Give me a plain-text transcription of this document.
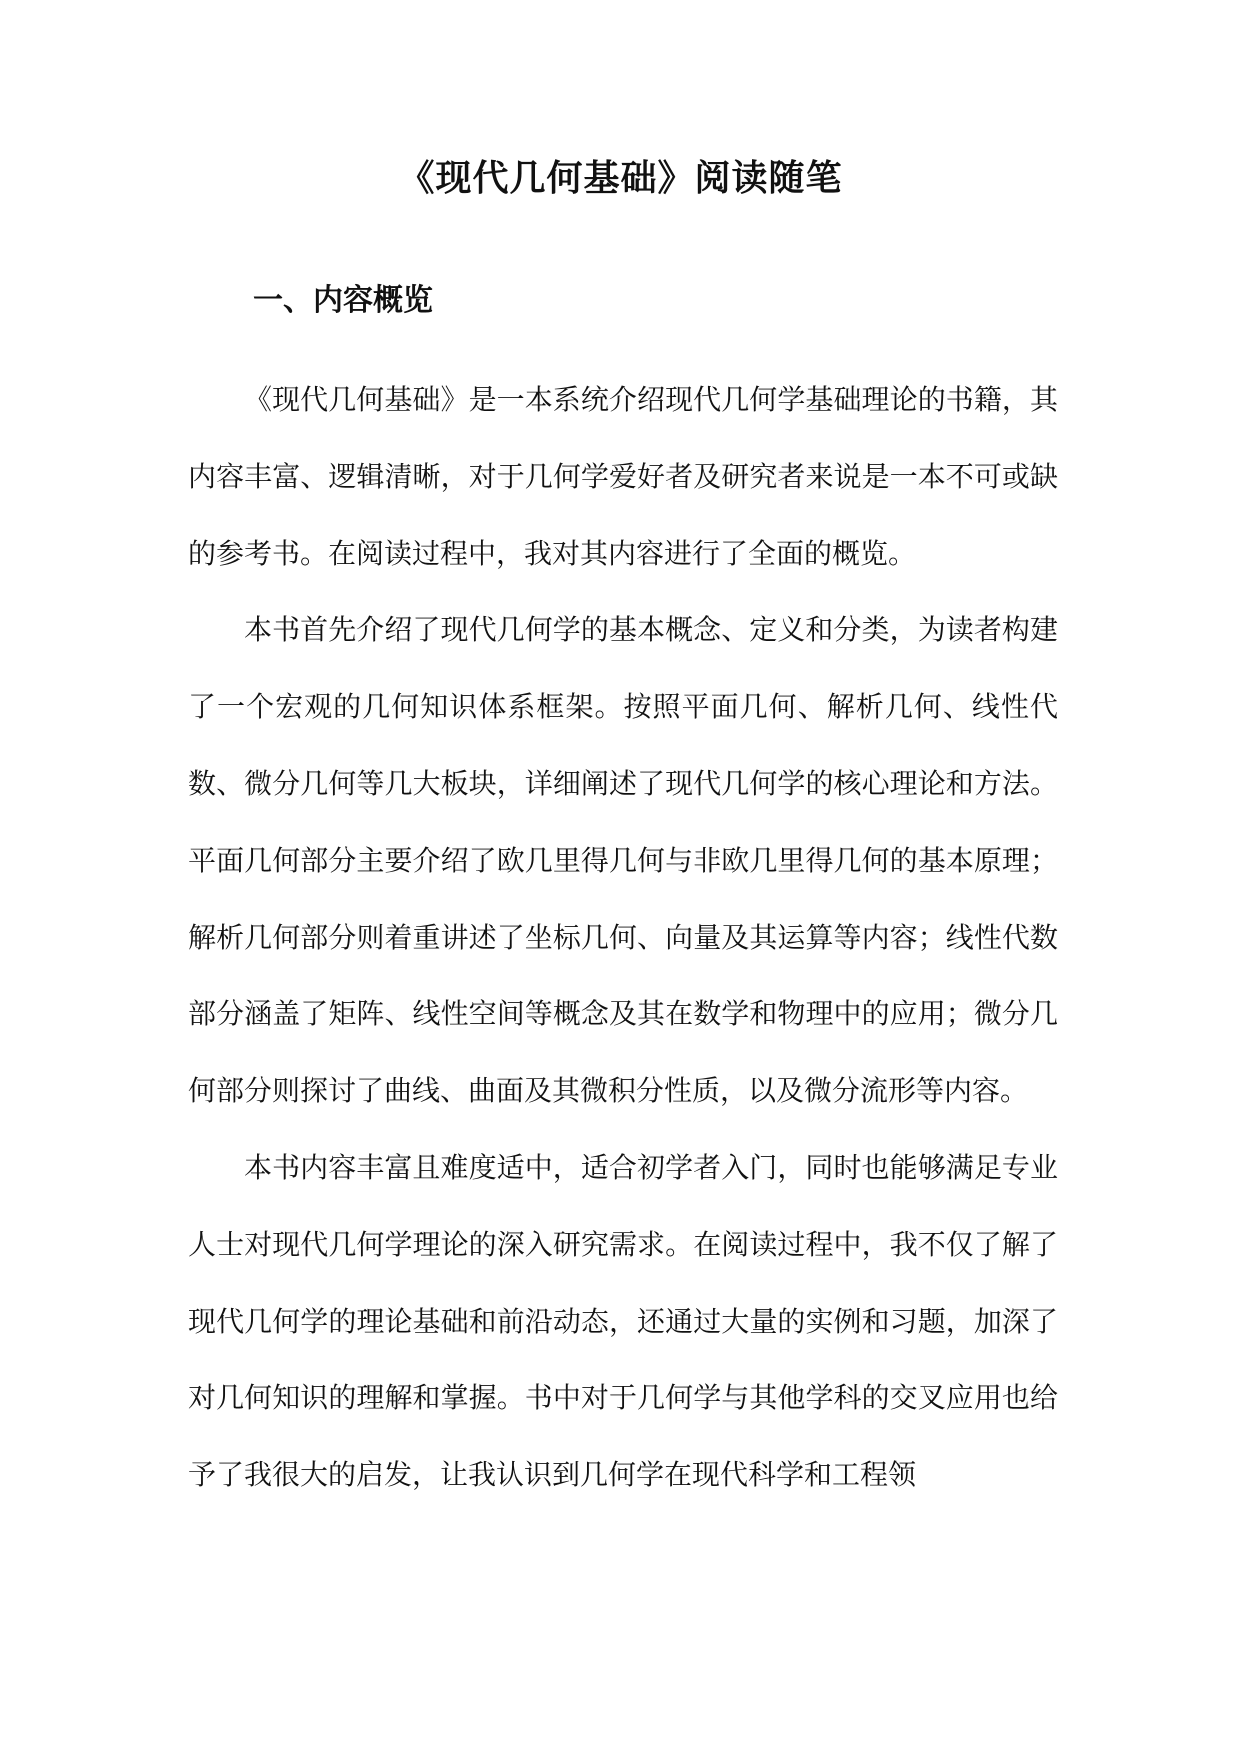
《现代几何基础》阅读随笔
一、内容概览

《现代几何基础》是一本系统介绍现代几何学基础理论的书籍，其内容丰富、逻辑清晰，对于几何学爱好者及研究者来说是一本不可或缺的参考书。在阅读过程中，我对其内容进行了全面的概览。

本书首先介绍了现代几何学的基本概念、定义和分类，为读者构建了一个宏观的几何知识体系框架。按照平面几何、解析几何、线性代数、微分几何等几大板块，详细阐述了现代几何学的核心理论和方法。平面几何部分主要介绍了欧几里得几何与非欧几里得几何的基本原理；解析几何部分则着重讲述了坐标几何、向量及其运算等内容；线性代数部分涵盖了矩阵、线性空间等概念及其在数学和物理中的应用；微分几何部分则探讨了曲线、曲面及其微积分性质，以及微分流形等内容。

本书内容丰富且难度适中，适合初学者入门，同时也能够满足专业人士对现代几何学理论的深入研究需求。在阅读过程中，我不仅了解了现代几何学的理论基础和前沿动态，还通过大量的实例和习题，加深了对几何知识的理解和掌握。书中对于几何学与其他学科的交叉应用也给予了我很大的启发，让我认识到几何学在现代科学和工程领
